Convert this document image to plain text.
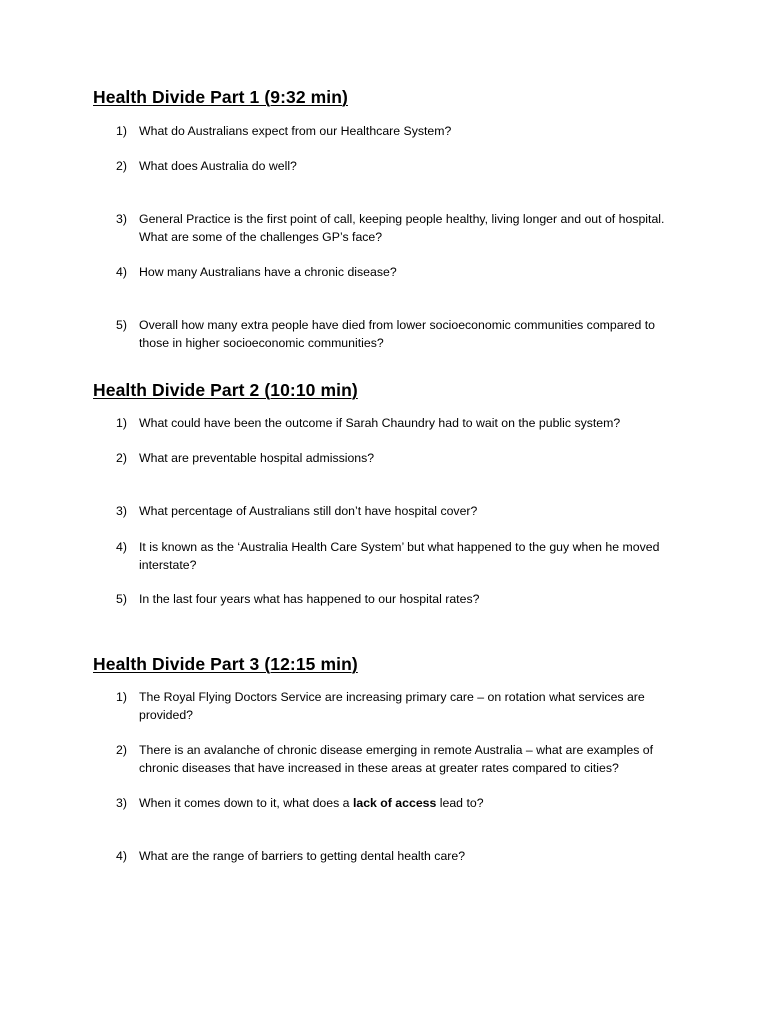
Health Divide Part 1 (9:32 min)
1) What do Australians expect from our Healthcare System?
2) What does Australia do well?
3) General Practice is the first point of call, keeping people healthy, living longer and out of hospital. What are some of the challenges GP’s face?
4) How many Australians have a chronic disease?
5) Overall how many extra people have died from lower socioeconomic communities compared to those in higher socioeconomic communities?
Health Divide Part 2 (10:10 min)
1) What could have been the outcome if Sarah Chaundry had to wait on the public system?
2) What are preventable hospital admissions?
3) What percentage of Australians still don’t have hospital cover?
4) It is known as the ‘Australia Health Care System’ but what happened to the guy when he moved interstate?
5) In the last four years what has happened to our hospital rates?
Health Divide Part 3 (12:15 min)
1) The Royal Flying Doctors Service are increasing primary care – on rotation what services are provided?
2) There is an avalanche of chronic disease emerging in remote Australia – what are examples of chronic diseases that have increased in these areas at greater rates compared to cities?
3) When it comes down to it, what does a lack of access lead to?
4) What are the range of barriers to getting dental health care?
